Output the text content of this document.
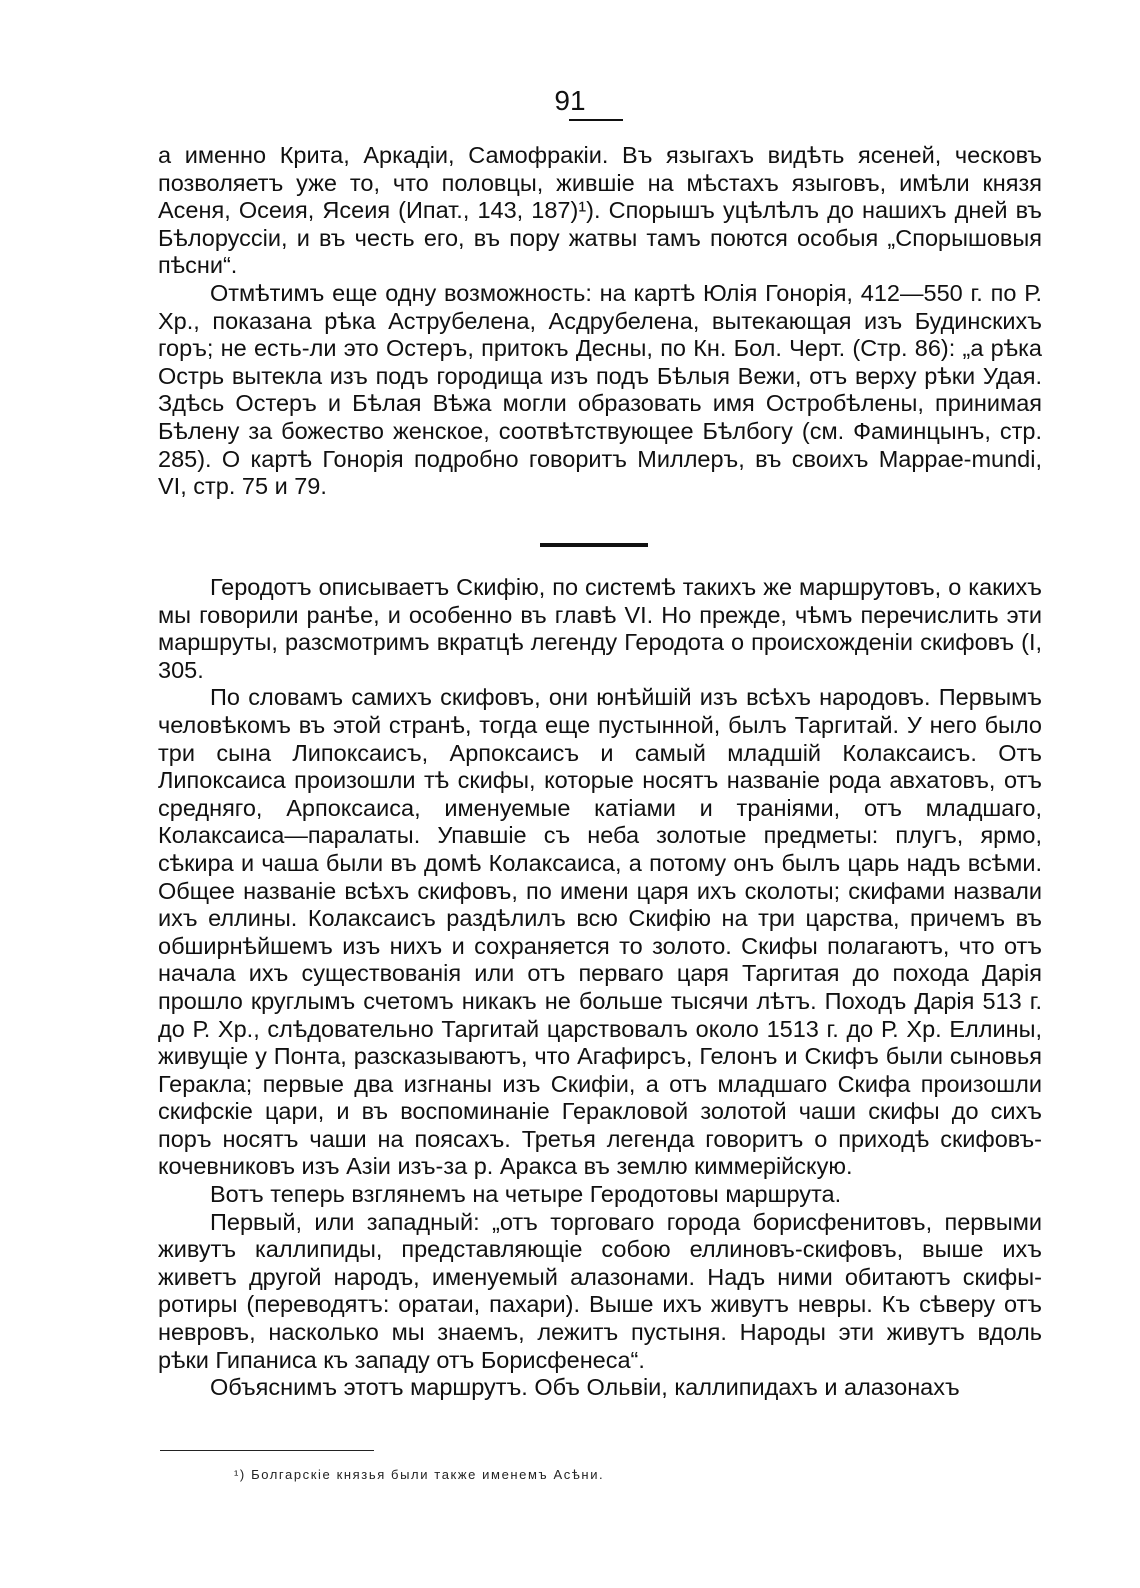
91

а именно Крита, Аркадіи, Самофракіи. Въ языгахъ видѣть ясеней, ческовъ позволяетъ уже то, что половцы, жившіе на мѣстахъ языговъ, имѣли князя Асеня, Осеия, Ясеия (Ипат., 143, 187)¹). Спорышъ уцѣлѣлъ до нашихъ дней въ Бѣлоруссіи, и въ честь его, въ пору жатвы тамъ поются особыя „Спорышовыя пѣсни“.

Отмѣтимъ еще одну возможность: на картѣ Юлія Гонорія, 412—550 г. по Р. Хр., показана рѣка Аструбелена, Асдрубелена, вытекающая изъ Будинскихъ горъ; не есть-ли это Остеръ, притокъ Десны, по Кн. Бол. Черт. (Стр. 86): „а рѣка Острь вытекла изъ подъ городища изъ подъ Бѣлыя Вежи, отъ верху рѣки Удая. Здѣсь Остеръ и Бѣлая Вѣжа могли образовать имя Остробѣлены, принимая Бѣлену за божество женское, соотвѣтствующее Бѣлбогу (см. Фаминцынъ, стр. 285). О картѣ Гонорія подробно говоритъ Миллеръ, въ своихъ Mappae-mundi, VI, стр. 75 и 79.

Геродотъ описываетъ Скифію, по системѣ такихъ же маршрутовъ, о какихъ мы говорили ранѣе, и особенно въ главѣ VI. Но прежде, чѣмъ перечислить эти маршруты, разсмотримъ вкратцѣ легенду Геродота о происхожденіи скифовъ (I, 305.

По словамъ самихъ скифовъ, они юнѣйшій изъ всѣхъ народовъ. Первымъ человѣкомъ въ этой странѣ, тогда еще пустынной, былъ Таргитай. У него было три сына Липоксаисъ, Арпоксаисъ и самый младшій Колаксаисъ. Отъ Липоксаиса произошли тѣ скифы, которые носятъ названіе рода авхатовъ, отъ средняго, Арпоксаиса, именуемые катіами и траніями, отъ младшаго, Колаксаиса—паралаты. Упавшіе съ неба золотые предметы: плугъ, ярмо, сѣкира и чаша были въ домѣ Колаксаиса, а потому онъ былъ царь надъ всѣми. Общее названіе всѣхъ скифовъ, по имени царя ихъ сколоты; скифами назвали ихъ еллины. Колаксаисъ раздѣлилъ всю Скифію на три царства, причемъ въ обширнѣйшемъ изъ нихъ и сохраняется то золото. Скифы полагаютъ, что отъ начала ихъ существованія или отъ перваго царя Таргитая до похода Дарія прошло круглымъ счетомъ никакъ не больше тысячи лѣтъ. Походъ Дарія 513 г. до Р. Хр., слѣдовательно Таргитай царствовалъ около 1513 г. до Р. Хр. Еллины, живущіе у Понта, разсказываютъ, что Агафирсъ, Гелонъ и Скифъ были сыновья Геракла; первые два изгнаны изъ Скифіи, а отъ младшаго Скифа произошли скифскіе цари, и въ воспоминаніе Геракловой золотой чаши скифы до сихъ поръ носятъ чаши на поясахъ. Третья легенда говоритъ о приходѣ скифовъ-кочевниковъ изъ Азіи изъ-за р. Аракса въ землю киммерійскую.

Вотъ теперь взглянемъ на четыре Геродотовы маршрута.

Первый, или западный: „отъ торговаго города борисфенитовъ, первыми живутъ каллипиды, представляющіе собою еллиновъ-скифовъ, выше ихъ живетъ другой народъ, именуемый алазонами. Надъ ними обитаютъ скифы-ротиры (переводятъ: оратаи, пахари). Выше ихъ живутъ невры. Къ сѣверу отъ невровъ, насколько мы знаемъ, лежитъ пустыня. Народы эти живутъ вдоль рѣки Гипаниса къ западу отъ Борисфенеса“.

Объяснимъ этотъ маршрутъ. Объ Ольвіи, каллипидахъ и алазонахъ

¹) Болгарскіе князья были также именемъ Асѣни.
